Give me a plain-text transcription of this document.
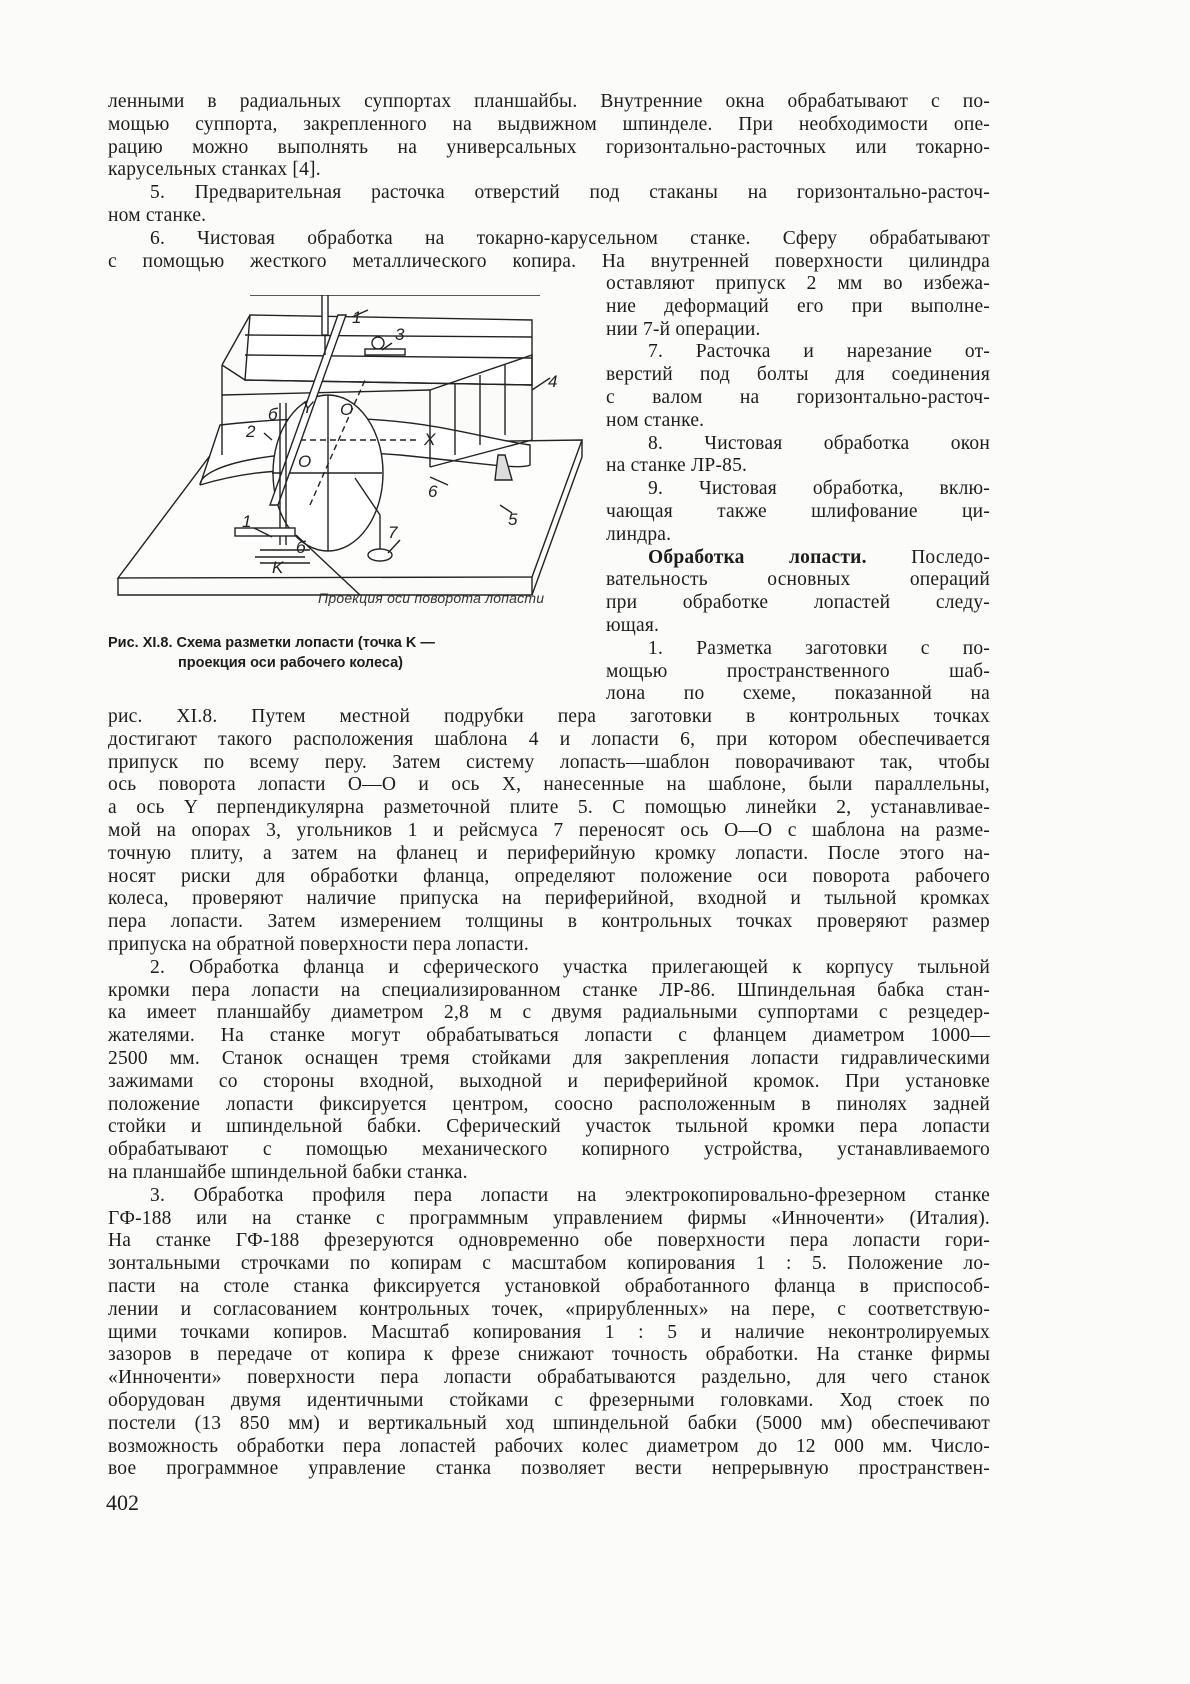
ленными в радиальных суппортах планшайбы. Внутренние окна обрабатывают с по-
мощью суппорта, закрепленного на выдвижном шпинделе. При необходимости опе-
рацию можно выполнять на универсальных горизонтально-расточных или токарно-
карусельных станках [4].
5. Предварительная расточка отверстий под стаканы на горизонтально-расточ-
ном станке.
6. Чистовая обработка на токарно-карусельном станке. Сферу обрабатывают
с помощью жесткого металлического копира. На внутренней поверхности цилиндра
оставляют припуск 2 мм во избежа-
ние деформаций его при выполне-
нии 7-й операции.
7. Расточка и нарезание от-
верстий под болты для соединения
с валом на горизонтально-расточ-
ном станке.
8. Чистовая обработка окон
на станке ЛР-85.
9. Чистовая обработка, вклю-
чающая также шлифование ци-
линдра.
Обработка лопасти. Последо-
вательность основных операций
при обработке лопастей следу-
ющая.
1. Разметка заготовки с по-
мощью пространственного шаб-
лона по схеме, показанной на
1
3
4
2
б Y O
X
O
6
5
1
7
б
K
Проекция оси поворота лопасти
Рис. XI.8. Схема разметки лопасти (точка K —
проекция оси рабочего колеса)
рис. XI.8. Путем местной подрубки пера заготовки в контрольных точках
достигают такого расположения шаблона 4 и лопасти 6, при котором обеспечивается
припуск по всему перу. Затем систему лопасть—шаблон поворачивают так, чтобы
ось поворота лопасти O—O и ось X, нанесенные на шаблоне, были параллельны,
а ось Y перпендикулярна разметочной плите 5. С помощью линейки 2, устанавливае-
мой на опорах 3, угольников 1 и рейсмуса 7 переносят ось O—O с шаблона на разме-
точную плиту, а затем на фланец и периферийную кромку лопасти. После этого на-
носят риски для обработки фланца, определяют положение оси поворота рабочего
колеса, проверяют наличие припуска на периферийной, входной и тыльной кромках
пера лопасти. Затем измерением толщины в контрольных точках проверяют размер
припуска на обратной поверхности пера лопасти.
2. Обработка фланца и сферического участка прилегающей к корпусу тыльной
кромки пера лопасти на специализированном станке ЛР-86. Шпиндельная бабка стан-
ка имеет планшайбу диаметром 2,8 м с двумя радиальными суппортами с резцедер-
жателями. На станке могут обрабатываться лопасти с фланцем диаметром 1000—
2500 мм. Станок оснащен тремя стойками для закрепления лопасти гидравлическими
зажимами со стороны входной, выходной и периферийной кромок. При установке
положение лопасти фиксируется центром, соосно расположенным в пинолях задней
стойки и шпиндельной бабки. Сферический участок тыльной кромки пера лопасти
обрабатывают с помощью механического копирного устройства, устанавливаемого
на планшайбе шпиндельной бабки станка.
3. Обработка профиля пера лопасти на электрокопировально-фрезерном станке
ГФ-188 или на станке с программным управлением фирмы «Инноченти» (Италия).
На станке ГФ-188 фрезеруются одновременно обе поверхности пера лопасти гори-
зонтальными строчками по копирам с масштабом копирования 1 : 5. Положение ло-
пасти на столе станка фиксируется установкой обработанного фланца в приспособ-
лении и согласованием контрольных точек, «прирубленных» на пере, с соответствую-
щими точками копиров. Масштаб копирования 1 : 5 и наличие неконтролируемых
зазоров в передаче от копира к фрезе снижают точность обработки. На станке фирмы
«Инноченти» поверхности пера лопасти обрабатываются раздельно, для чего станок
оборудован двумя идентичными стойками с фрезерными головками. Ход стоек по
постели (13 850 мм) и вертикальный ход шпиндельной бабки (5000 мм) обеспечивают
возможность обработки пера лопастей рабочих колес диаметром до 12 000 мм. Число-
вое программное управление станка позволяет вести непрерывную пространствен-
402
